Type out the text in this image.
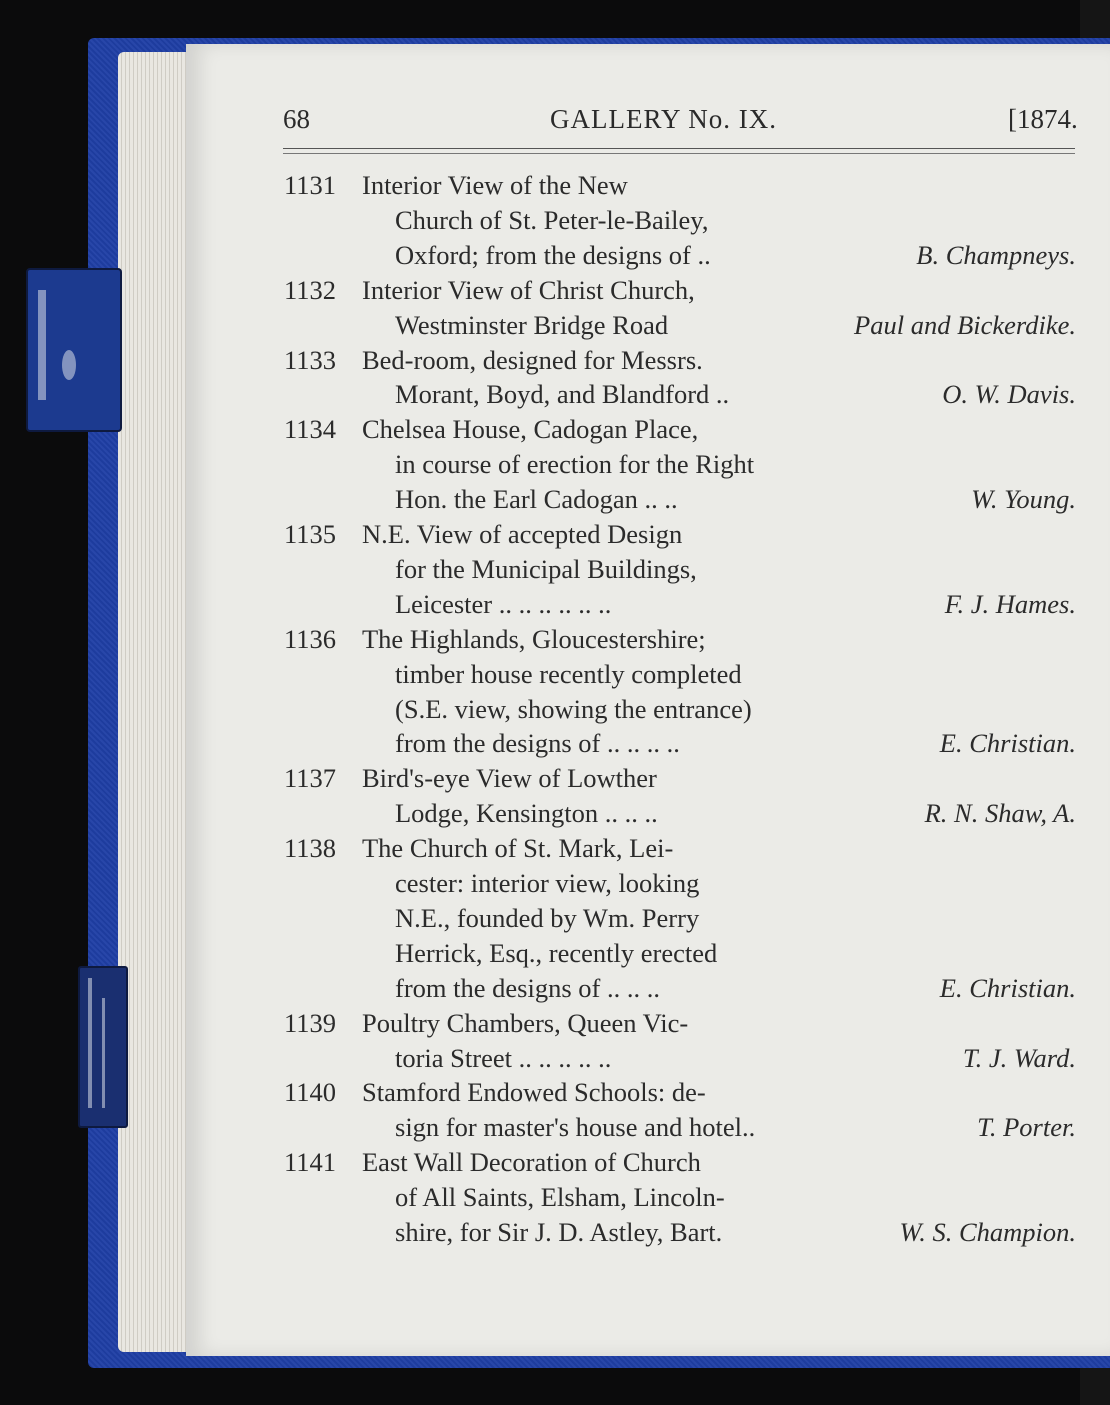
68	GALLERY No. IX.	[1874.
1131 Interior View of the New
Church of St. Peter-le-Bailey,
Oxford; from the designs of ..	B. Champneys.
1132 Interior View of Christ Church,
Westminster Bridge Road	Paul and Bickerdike.
1133 Bed-room, designed for Messrs.
Morant, Boyd, and Blandford ..	O. W. Davis.
1134 Chelsea House, Cadogan Place,
in course of erection for the Right
Hon. the Earl Cadogan .. ..	W. Young.
1135 N.E. View of accepted Design
for the Municipal Buildings,
Leicester .. .. .. .. .. ..	F. J. Hames.
1136 The Highlands, Gloucestershire;
timber house recently completed
(S.E. view, showing the entrance)
from the designs of .. .. .. ..	E. Christian.
1137 Bird's-eye View of Lowther
Lodge, Kensington .. .. ..	R. N. Shaw, A.
1138 The Church of St. Mark, Lei-
cester: interior view, looking
N.E., founded by Wm. Perry
Herrick, Esq., recently erected
from the designs of .. .. ..	E. Christian.
1139 Poultry Chambers, Queen Vic-
toria Street .. .. .. .. ..	T. J. Ward.
1140 Stamford Endowed Schools: de-
sign for master's house and hotel..	T. Porter.
1141 East Wall Decoration of Church
of All Saints, Elsham, Lincoln-
shire, for Sir J. D. Astley, Bart.	W. S. Champion.
